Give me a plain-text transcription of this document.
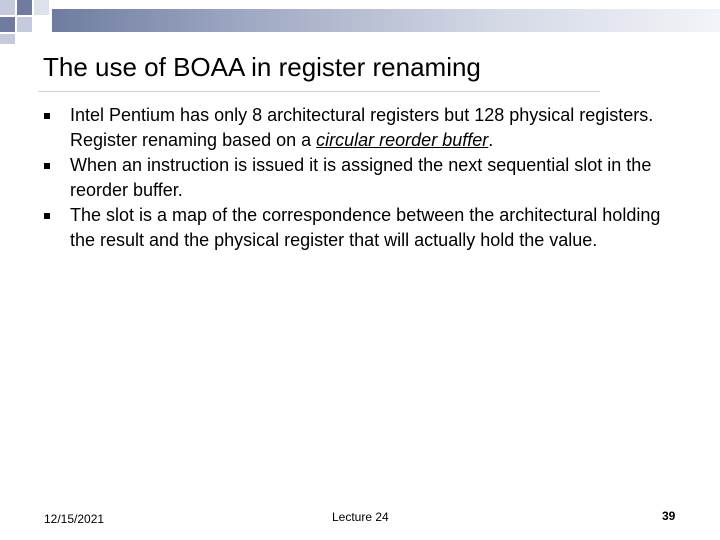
The use of BOAA in register renaming
Intel Pentium has only 8 architectural registers but 128 physical registers. Register renaming based on a circular reorder buffer.
When an instruction is issued it is assigned the next sequential slot in the reorder buffer.
The slot is a map of the correspondence between the architectural holding the result and the physical register that will actually hold the value.
12/15/2021	Lecture 24	39
